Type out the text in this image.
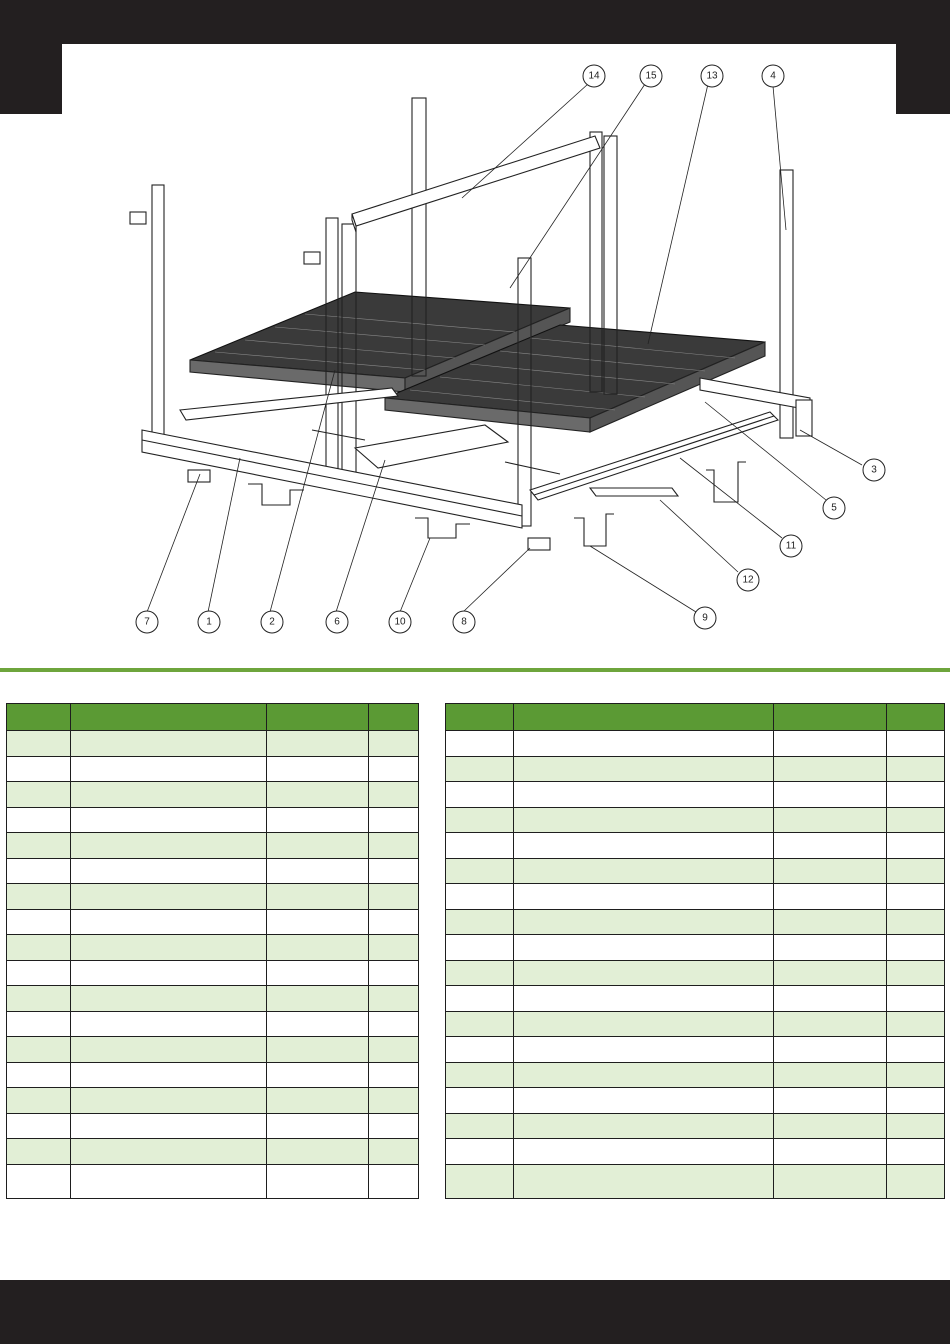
14	15	13	4
3
5
11
12
9
7	1	2	6	10	8
